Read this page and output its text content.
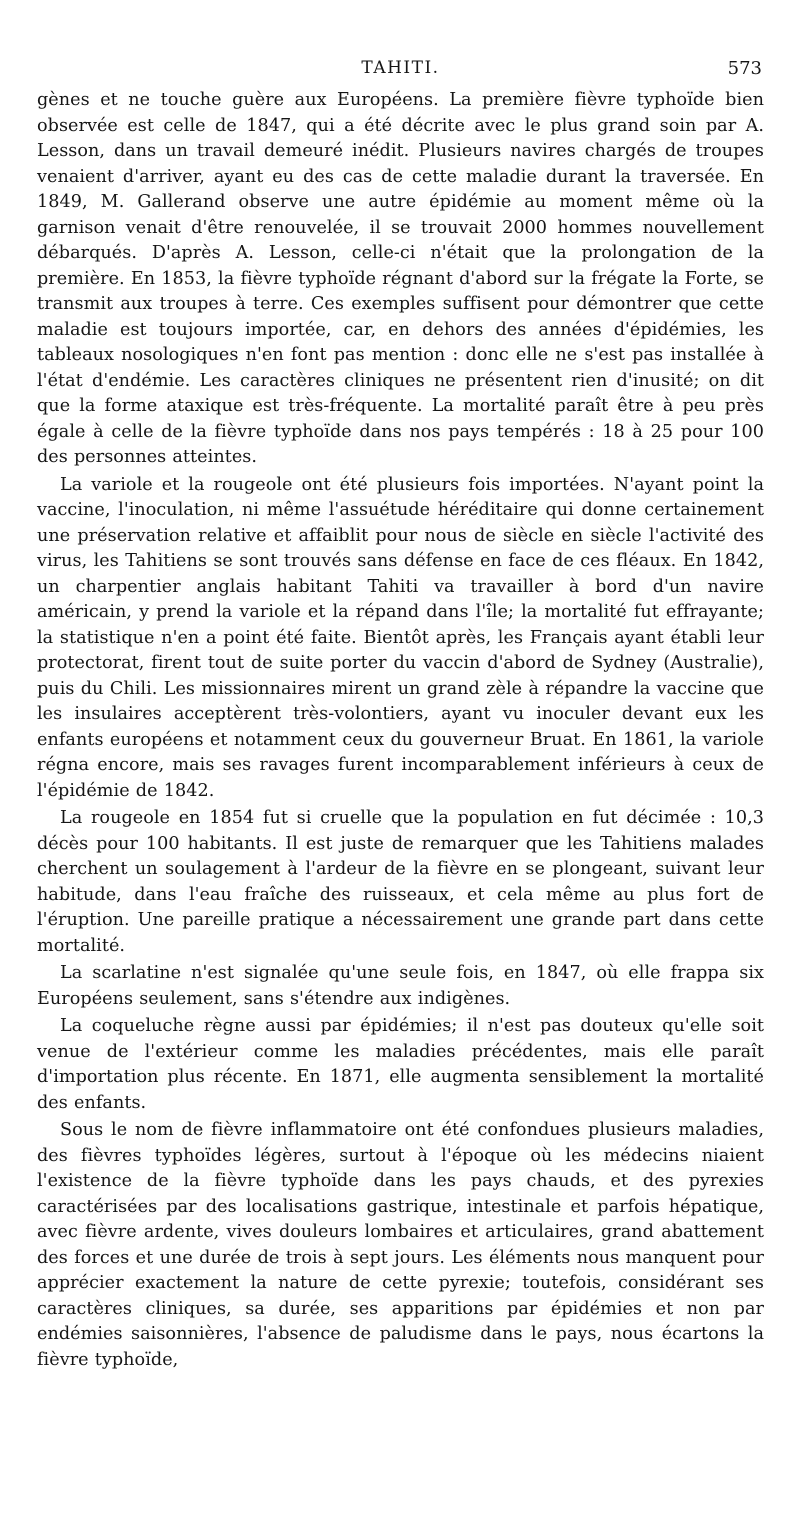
TAHITI.	573

gènes et ne touche guère aux Européens. La première fièvre typhoïde bien observée est celle de 1847, qui a été décrite avec le plus grand soin par A. Lesson, dans un travail demeuré inédit. Plusieurs navires chargés de troupes venaient d'arriver, ayant eu des cas de cette maladie durant la traversée. En 1849, M. Gallerand observe une autre épidémie au moment même où la garnison venait d'être renouvelée, il se trouvait 2000 hommes nouvellement débarqués. D'après A. Lesson, celle-ci n'était que la prolongation de la première. En 1853, la fièvre typhoïde régnant d'abord sur la frégate la Forte, se transmit aux troupes à terre. Ces exemples suffisent pour démontrer que cette maladie est toujours importée, car, en dehors des années d'épidémies, les tableaux nosologiques n'en font pas mention : donc elle ne s'est pas installée à l'état d'endémie. Les caractères cliniques ne présentent rien d'inusité; on dit que la forme ataxique est très-fréquente. La mortalité paraît être à peu près égale à celle de la fièvre typhoïde dans nos pays tempérés : 18 à 25 pour 100 des personnes atteintes.

La variole et la rougeole ont été plusieurs fois importées. N'ayant point la vaccine, l'inoculation, ni même l'assuétude héréditaire qui donne certainement une préservation relative et affaiblit pour nous de siècle en siècle l'activité des virus, les Tahitiens se sont trouvés sans défense en face de ces fléaux. En 1842, un charpentier anglais habitant Tahiti va travailler à bord d'un navire américain, y prend la variole et la répand dans l'île; la mortalité fut effrayante; la statistique n'en a point été faite. Bientôt après, les Français ayant établi leur protectorat, firent tout de suite porter du vaccin d'abord de Sydney (Australie), puis du Chili. Les missionnaires mirent un grand zèle à répandre la vaccine que les insulaires acceptèrent très-volontiers, ayant vu inoculer devant eux les enfants européens et notamment ceux du gouverneur Bruat. En 1861, la variole régna encore, mais ses ravages furent incomparablement inférieurs à ceux de l'épidémie de 1842.

La rougeole en 1854 fut si cruelle que la population en fut décimée : 10,3 décès pour 100 habitants. Il est juste de remarquer que les Tahitiens malades cherchent un soulagement à l'ardeur de la fièvre en se plongeant, suivant leur habitude, dans l'eau fraîche des ruisseaux, et cela même au plus fort de l'éruption. Une pareille pratique a nécessairement une grande part dans cette mortalité.

La scarlatine n'est signalée qu'une seule fois, en 1847, où elle frappa six Européens seulement, sans s'étendre aux indigènes.

La coqueluche règne aussi par épidémies; il n'est pas douteux qu'elle soit venue de l'extérieur comme les maladies précédentes, mais elle paraît d'importation plus récente. En 1871, elle augmenta sensiblement la mortalité des enfants.

Sous le nom de fièvre inflammatoire ont été confondues plusieurs maladies, des fièvres typhoïdes légères, surtout à l'époque où les médecins niaient l'existence de la fièvre typhoïde dans les pays chauds, et des pyrexies caractérisées par des localisations gastrique, intestinale et parfois hépatique, avec fièvre ardente, vives douleurs lombaires et articulaires, grand abattement des forces et une durée de trois à sept jours. Les éléments nous manquent pour apprécier exactement la nature de cette pyrexie; toutefois, considérant ses caractères cliniques, sa durée, ses apparitions par épidémies et non par endémies saisonnières, l'absence de paludisme dans le pays, nous écartons la fièvre typhoïde,
